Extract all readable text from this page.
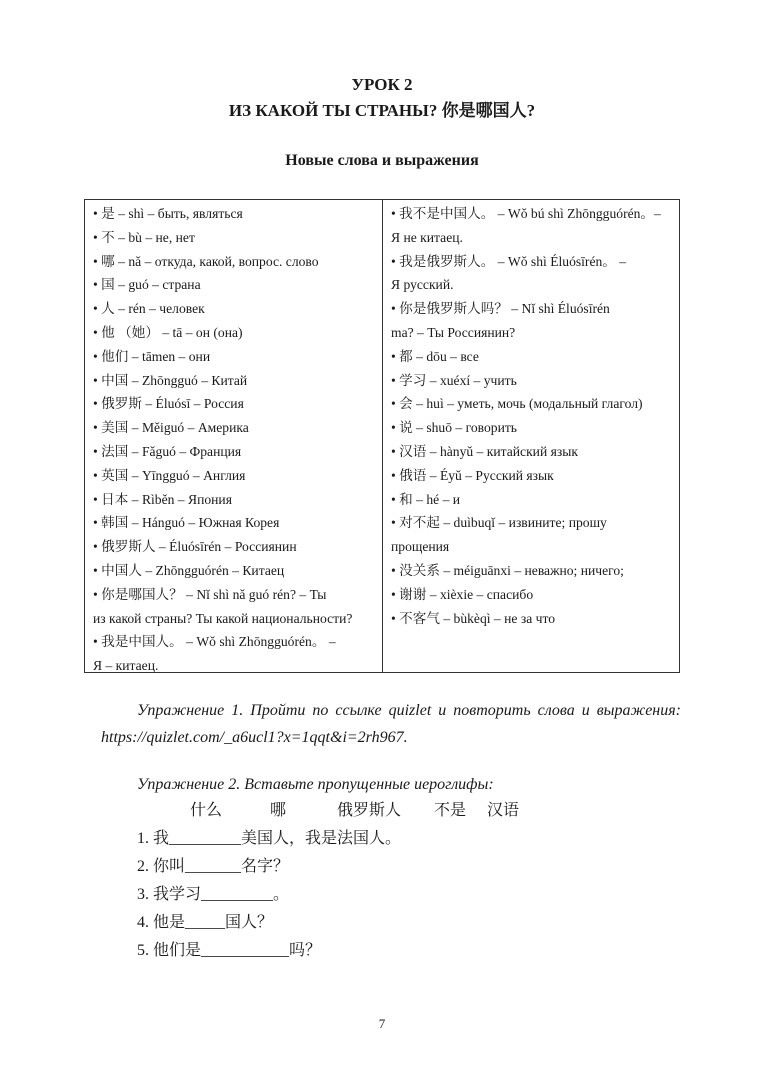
УРОК 2
ИЗ КАКОЙ ТЫ СТРАНЫ? 你是哪国人?
Новые слова и выражения

• 是 – shì – быть, являться

• 不 – bù – не, нет

• 哪 – nǎ – откуда, какой, вопрос. слово

• 国 – guó – страна

• 人 – rén – человек

• 他 （她） – tā – он (она)

• 他们 – tāmen – они

• 中国 – Zhōngguó – Китай

• 俄罗斯 – Éluósī – Россия

• 美国 – Měiguó – Америка

• 法国 – Fǎguó – Франция

• 英国 – Yīngguó – Англия

• 日本 – Rìběn – Япония

• 韩国 – Hánguó – Южная Корея

• 俄罗斯人 – Éluósīrén – Россиянин

• 中国人 – Zhōngguórén – Китаец

• 你是哪国人？ – Nǐ shì nǎ guó rén? – Ты

из какой страны? Ты какой национальности?

• 我是中国人。 – Wǒ shì Zhōngguórén。 –

Я – китаец.

• 我不是中国人。 – Wǒ bú shì Zhōngguórén。–

Я не китаец.

• 我是俄罗斯人。 – Wǒ shì Éluósīrén。 –

Я русский.

• 你是俄罗斯人吗？ – Nǐ shì Éluósīrén

ma? – Ты Россиянин?

• 都 – dōu – все

• 学习 – xuéxí – учить

• 会 – huì – уметь, мочь (модальный глагол)

• 说 – shuō – говорить

• 汉语 – hànyǔ – китайский язык

• 俄语 – Éyǔ – Русский язык

• 和 – hé – и

• 对不起 – duìbuqǐ – извините; прошу

прощения

• 没关系 – méiguānxi – неважно; ничего;

• 谢谢 – xièxie – спасибо

• 不客气 – bùkèqì – не за что

Упражнение 1. Пройти по ссылке quizlet и повторить слова и выражения: https://quizlet.com/_a6ucl1?x=1qqt&i=2rh967.

Упражнение 2. Вставьте пропущенные иероглифы:

什么	哪	俄罗斯人 不是 汉语

1. 我_________美国人，我是法国人。

2. 你叫_______名字？

3. 我学习_________。

4. 他是_____国人？

5. 他们是___________吗？

7
